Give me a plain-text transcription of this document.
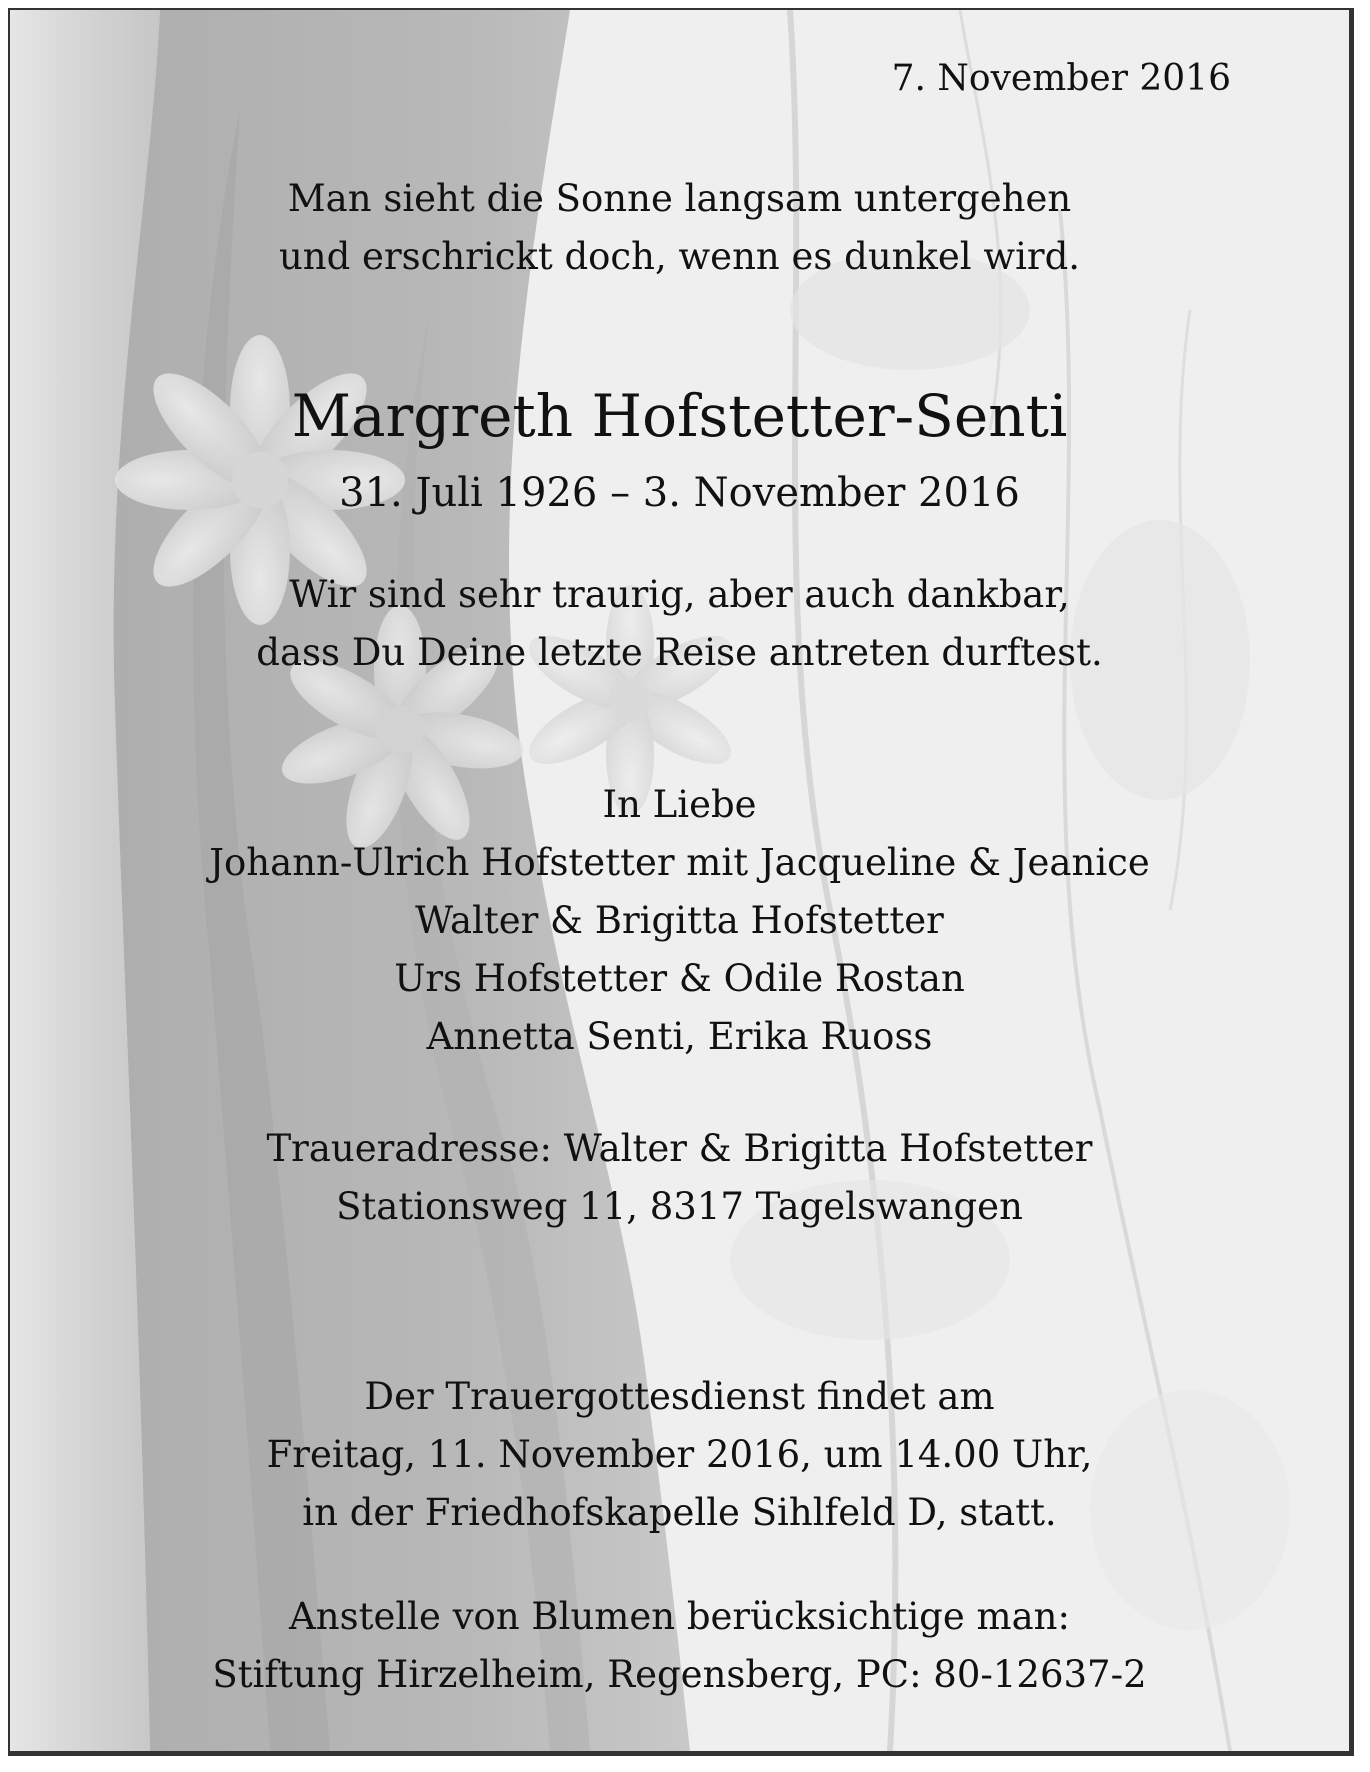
7. November 2016

Man sieht die Sonne langsam untergehen
und erschrickt doch, wenn es dunkel wird.

Margreth Hofstetter-Senti
31. Juli 1926 – 3. November 2016

Wir sind sehr traurig, aber auch dankbar,
dass Du Deine letzte Reise antreten durftest.

In Liebe
Johann-Ulrich Hofstetter mit Jacqueline & Jeanice
Walter & Brigitta Hofstetter
Urs Hofstetter & Odile Rostan
Annetta Senti, Erika Ruoss

Traueradresse: Walter & Brigitta Hofstetter
Stationsweg 11, 8317 Tagelswangen

Der Trauergottesdienst findet am
Freitag, 11. November 2016, um 14.00 Uhr,
in der Friedhofskapelle Sihlfeld D, statt.

Anstelle von Blumen berücksichtige man:
Stiftung Hirzelheim, Regensberg, PC: 80-12637-2
